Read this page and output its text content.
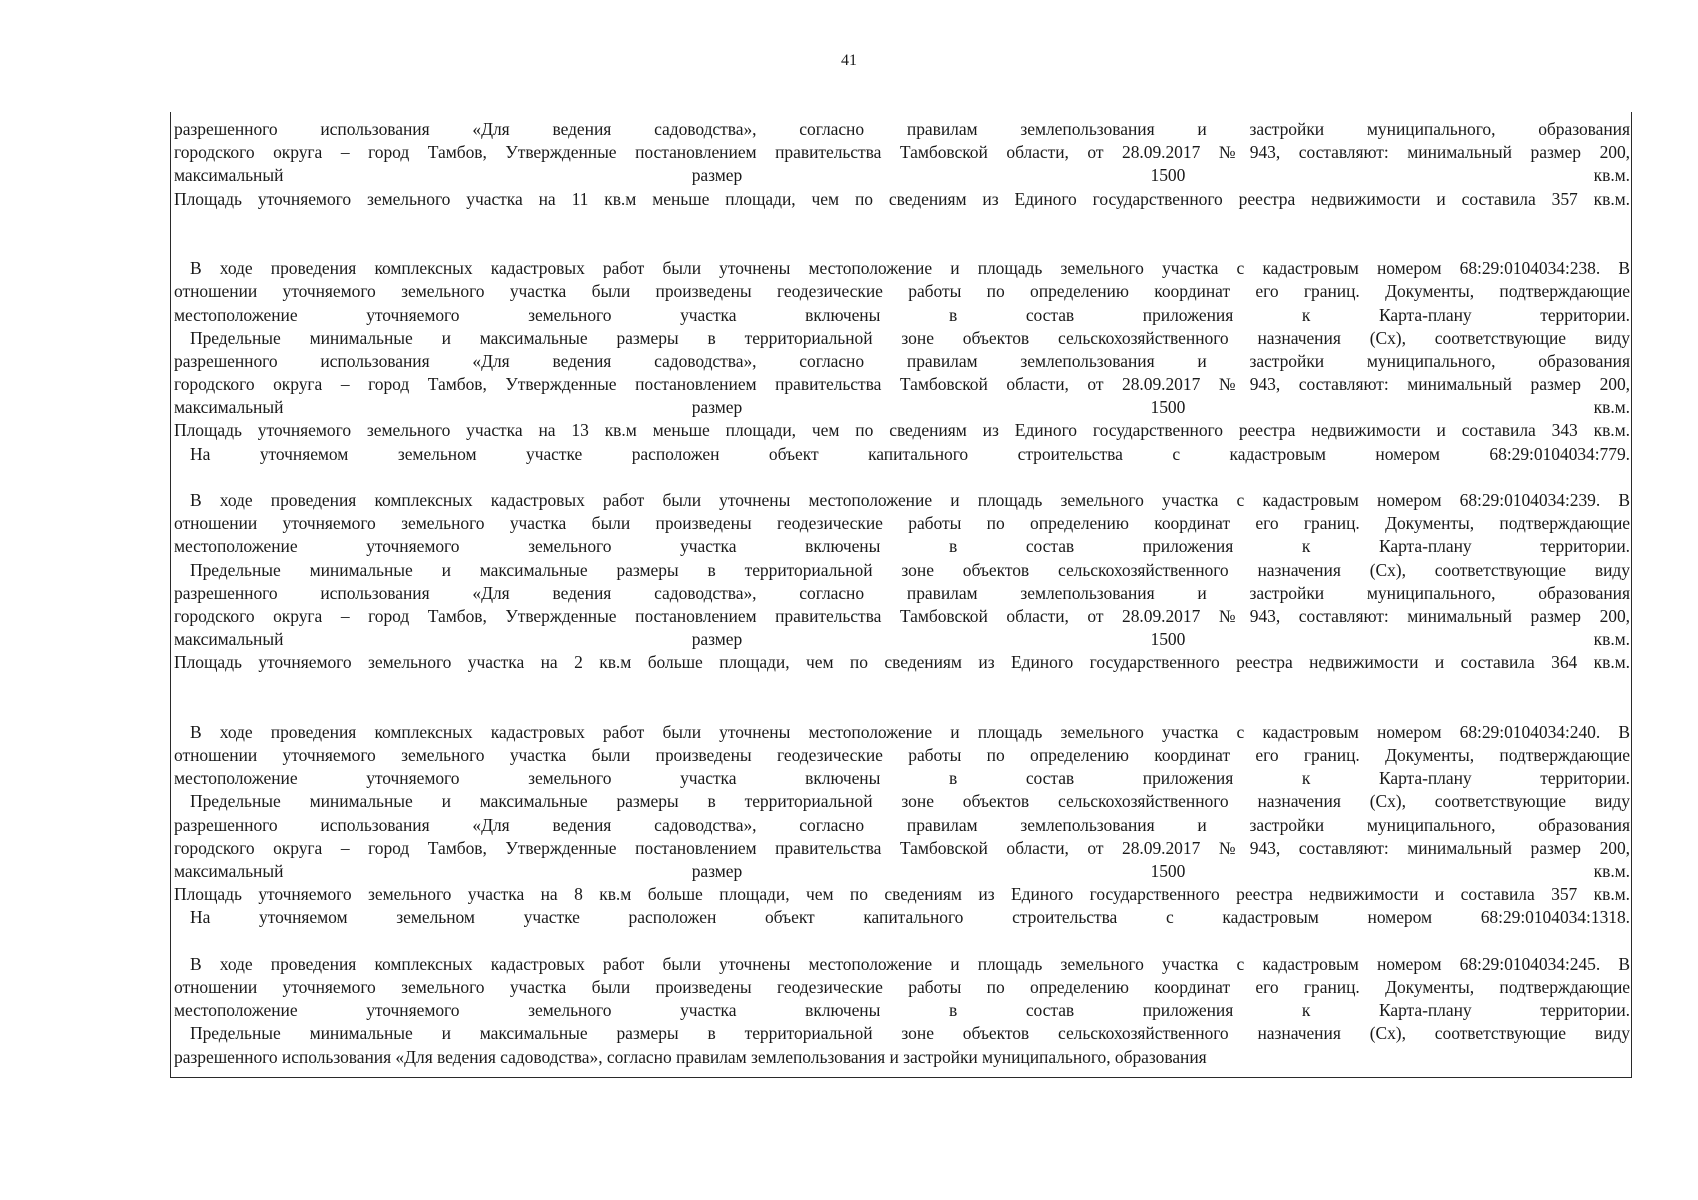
41
разрешенного использования «Для ведения садоводства», согласно правилам землепользования и застройки муниципального, образования
городского округа – город Тамбов, Утвержденные постановлением правительства Тамбовской области, от 28.09.2017 №943, составляют: минимальный размер 200,
максимальный размер 1500 кв.м.
Площадь уточняемого земельного участка на 11 кв.м меньше площади, чем по сведениям из Единого государственного реестра недвижимости и составила 357 кв.м.
В ходе проведения комплексных кадастровых работ были уточнены местоположение и площадь земельного участка с кадастровым номером 68:29:0104034:238. В
отношении уточняемого земельного участка были произведены геодезические работы по определению координат его границ. Документы, подтверждающие
местоположение уточняемого земельного участка включены в состав приложения к Карта-плану территории.
Предельные минимальные и максимальные размеры в территориальной зоне объектов сельскохозяйственного назначения (Сх), соответствующие виду
разрешенного использования «Для ведения садоводства», согласно правилам землепользования и застройки муниципального, образования
городского округа – город Тамбов, Утвержденные постановлением правительства Тамбовской области, от 28.09.2017 №943, составляют: минимальный размер 200,
максимальный размер 1500 кв.м.
Площадь уточняемого земельного участка на 13 кв.м меньше площади, чем по сведениям из Единого государственного реестра недвижимости и составила 343 кв.м.
На уточняемом земельном участке расположен объект капитального строительства с кадастровым номером 68:29:0104034:779.
В ходе проведения комплексных кадастровых работ были уточнены местоположение и площадь земельного участка с кадастровым номером 68:29:0104034:239. В
отношении уточняемого земельного участка были произведены геодезические работы по определению координат его границ. Документы, подтверждающие
местоположение уточняемого земельного участка включены в состав приложения к Карта-плану территории.
Предельные минимальные и максимальные размеры в территориальной зоне объектов сельскохозяйственного назначения (Сх), соответствующие виду
разрешенного использования «Для ведения садоводства», согласно правилам землепользования и застройки муниципального, образования
городского округа – город Тамбов, Утвержденные постановлением правительства Тамбовской области, от 28.09.2017 №943, составляют: минимальный размер 200,
максимальный размер 1500 кв.м.
Площадь уточняемого земельного участка на 2 кв.м больше площади, чем по сведениям из Единого государственного реестра недвижимости и составила 364 кв.м.
В ходе проведения комплексных кадастровых работ были уточнены местоположение и площадь земельного участка с кадастровым номером 68:29:0104034:240. В
отношении уточняемого земельного участка были произведены геодезические работы по определению координат его границ. Документы, подтверждающие
местоположение уточняемого земельного участка включены в состав приложения к Карта-плану территории.
Предельные минимальные и максимальные размеры в территориальной зоне объектов сельскохозяйственного назначения (Сх), соответствующие виду
разрешенного использования «Для ведения садоводства», согласно правилам землепользования и застройки муниципального, образования
городского округа – город Тамбов, Утвержденные постановлением правительства Тамбовской области, от 28.09.2017 №943, составляют: минимальный размер 200,
максимальный размер 1500 кв.м.
Площадь уточняемого земельного участка на 8 кв.м больше площади, чем по сведениям из Единого государственного реестра недвижимости и составила 357 кв.м.
На уточняемом земельном участке расположен объект капитального строительства с кадастровым номером 68:29:0104034:1318.
В ходе проведения комплексных кадастровых работ были уточнены местоположение и площадь земельного участка с кадастровым номером 68:29:0104034:245. В
отношении уточняемого земельного участка были произведены геодезические работы по определению координат его границ. Документы, подтверждающие
местоположение уточняемого земельного участка включены в состав приложения к Карта-плану территории.
Предельные минимальные и максимальные размеры в территориальной зоне объектов сельскохозяйственного назначения (Сх), соответствующие виду
разрешенного использования «Для ведения садоводства», согласно правилам землепользования и застройки муниципального, образования
